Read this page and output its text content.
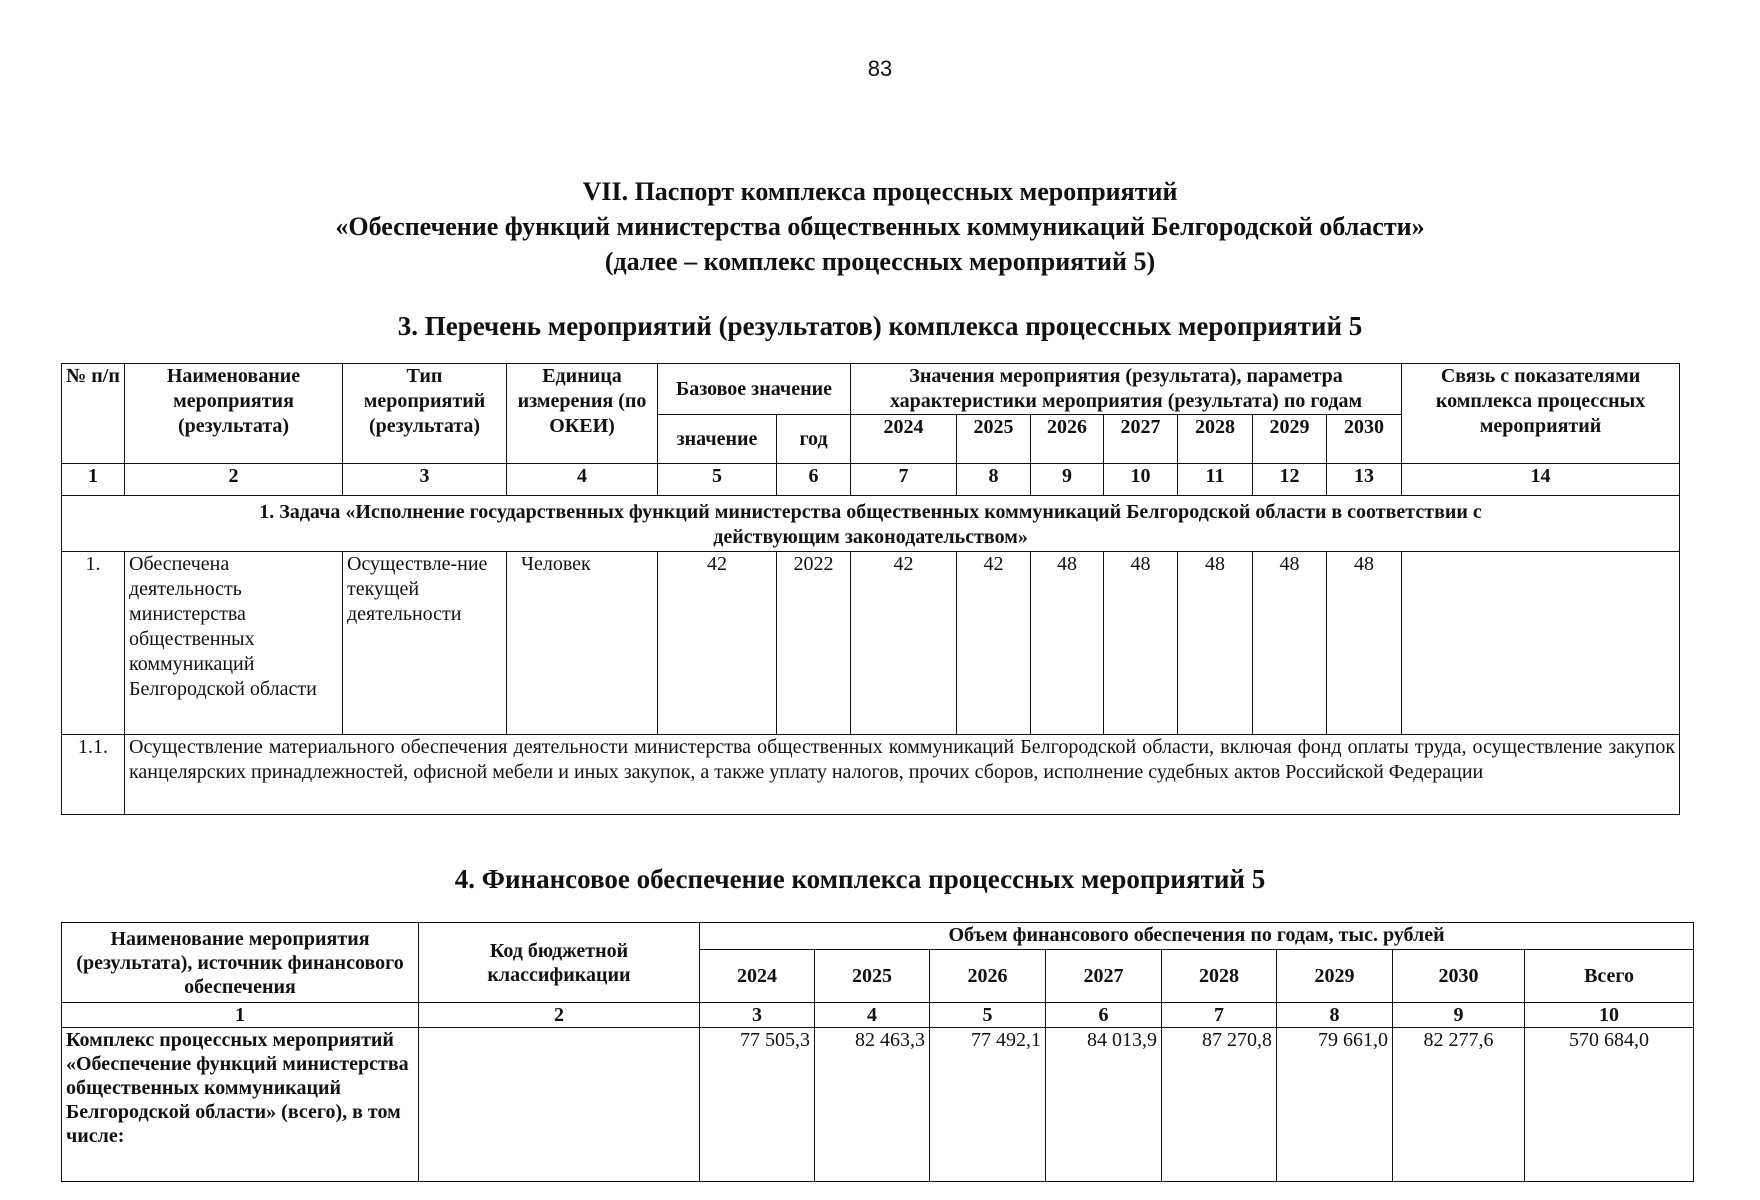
83
VII. Паспорт комплекса процессных мероприятий
«Обеспечение функций министерства общественных коммуникаций Белгородской области»
(далее – комплекс процессных мероприятий 5)
3. Перечень мероприятий (результатов) комплекса процессных мероприятий 5
№ п/п	Наименование мероприятия (результата)	Тип мероприятий (результата)	Единица измерения (по ОКЕИ)	Базовое значение		Значения мероприятия (результата), параметра характеристики мероприятия (результата) по годам							Связь с показателями комплекса процессных мероприятий
				значение	год	2024	2025	2026	2027	2028	2029	2030	
1	2	3	4	5	6	7	8	9	10	11	12	13	14
1. Задача «Исполнение государственных функций министерства общественных коммуникаций Белгородской области в соответствии с действующим законодательством»													
1.	Обеспечена деятельность министерства общественных коммуникаций Белгородской области	Осуществле-ние текущей деятельности	Человек	42	2022	42	42	48	48	48	48	48	
1.1.	Осуществление материального обеспечения деятельности министерства общественных коммуникаций Белгородской области, включая фонд оплаты труда, осуществление закупок канцелярских принадлежностей, офисной мебели и иных закупок, а также уплату налогов, прочих сборов, исполнение судебных актов Российской Федерации												
4. Финансовое обеспечение комплекса процессных мероприятий 5
Наименование мероприятия (результата), источник финансового обеспечения	Код бюджетной классификации	Объем финансового обеспечения по годам, тыс. рублей							
		2024	2025	2026	2027	2028	2029	2030	Всего
1	2	3	4	5	6	7	8	9	10
Комплекс процессных мероприятий «Обеспечение функций министерства общественных коммуникаций Белгородской области» (всего), в том числе:		77 505,3	82 463,3	77 492,1	84 013,9	87 270,8	79 661,0	82 277,6	570 684,0
